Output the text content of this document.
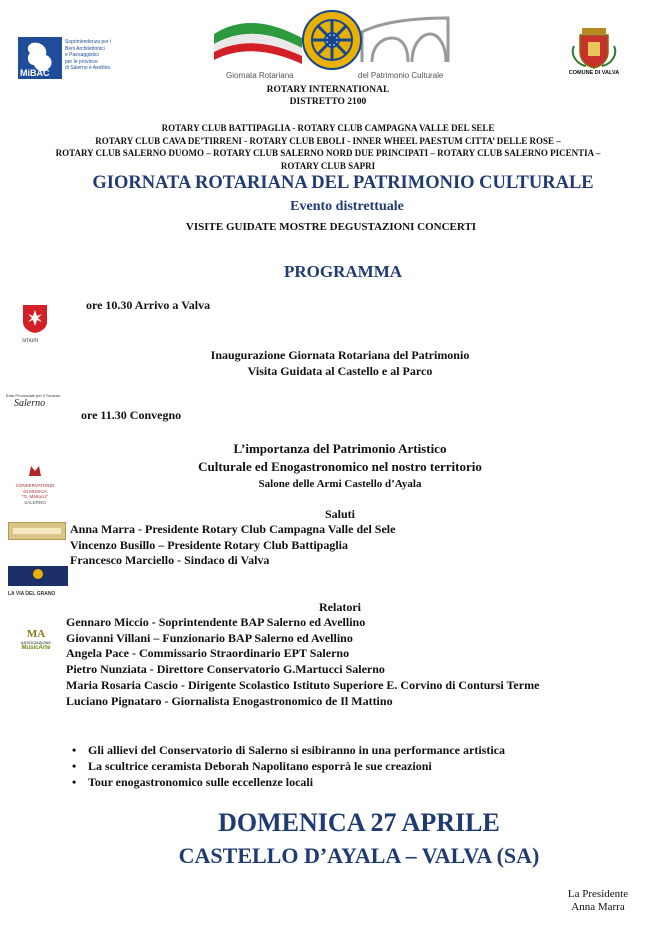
MiBAC
Soprintendenza per i
Beni Architettonici
e Paesaggistici
per le province
di Salerno e Avellino
Giornata Rotariana	del Patrimonio Culturale	COMUNE DI VALVA
ROTARY INTERNATIONAL
DISTRETTO 2100
ROTARY CLUB BATTIPAGLIA - ROTARY CLUB CAMPAGNA VALLE DEL SELE
ROTARY CLUB CAVA DE’TIRRENI - ROTARY CLUB EBOLI - INNER WHEEL PAESTUM CITTA’ DELLE ROSE –
ROTARY CLUB SALERNO DUOMO – ROTARY CLUB SALERNO NORD DUE PRINCIPATI – ROTARY CLUB SALERNO PICENTIA –
ROTARY CLUB SAPRI
GIORNATA ROTARIANA DEL PATRIMONIO CULTURALE
Evento distrettuale
VISITE GUIDATE MOSTRE DEGUSTAZIONI CONCERTI
PROGRAMMA
smom
Ente Provinciale per il Turismo
Salerno
CONSERVATORIO
DI MUSICA
"G. Martucci"
SALERNO
LA VIA DEL GRANO
MA
ASSOCIAZIONE
MusicArte
ore 10.30 Arrivo a Valva
Inaugurazione Giornata Rotariana del Patrimonio
Visita Guidata al Castello e al Parco
ore 11.30 Convegno
L’importanza del Patrimonio Artistico
Culturale ed Enogastronomico nel nostro territorio
Salone delle Armi Castello d’Ayala
Saluti
Anna Marra - Presidente Rotary Club Campagna Valle del Sele
Vincenzo Busillo – Presidente Rotary Club Battipaglia
Francesco Marciello - Sindaco di Valva
Relatori
Gennaro Miccio - Soprintendente BAP Salerno ed Avellino
Giovanni Villani – Funzionario BAP Salerno ed Avellino
Angela Pace - Commissario Straordinario EPT Salerno
Pietro Nunziata - Direttore Conservatorio G.Martucci Salerno
Maria Rosaria Cascio - Dirigente Scolastico Istituto Superiore E. Corvino di Contursi Terme
Luciano Pignataro - Giornalista Enogastronomico de Il Mattino
• Gli allievi del Conservatorio di Salerno si esibiranno in una performance artistica
• La scultrice ceramista Deborah Napolitano esporrà le sue creazioni
• Tour enogastronomico sulle eccellenze locali
DOMENICA 27 APRILE
CASTELLO D’AYALA – VALVA (SA)
La Presidente
Anna Marra
